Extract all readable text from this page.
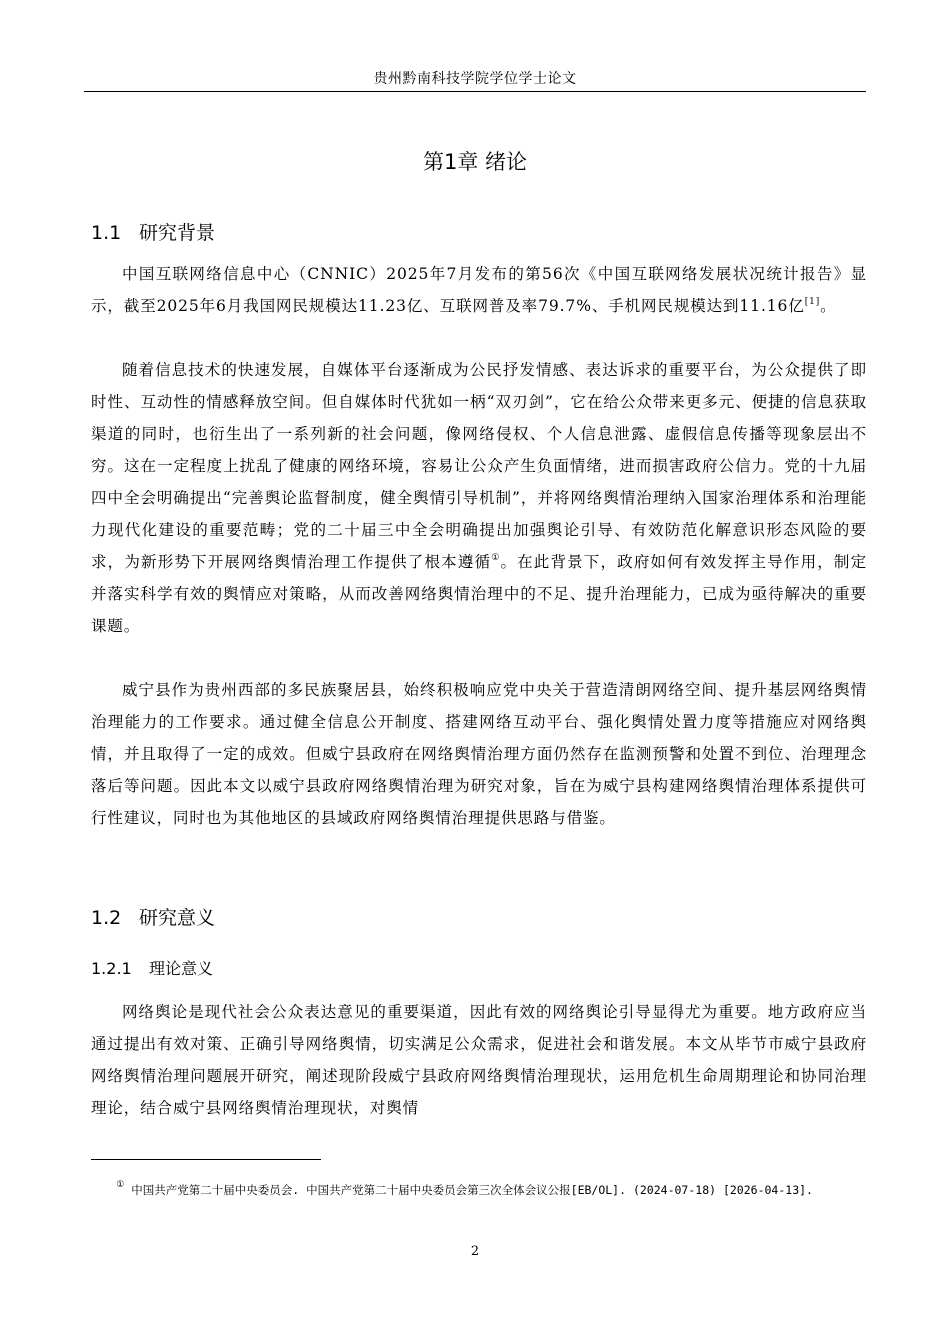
贵州黔南科技学院学位学士论文
第1章 绪论
1.1 研究背景

中国互联网络信息中心（CNNIC）2025年7月发布的第56次《中国互联网络发展状况统计报告》显示，截至2025年6月我国网民规模达11.23亿、互联网普及率79.7%、手机网民规模达到11.16亿[1]。

随着信息技术的快速发展，自媒体平台逐渐成为公民抒发情感、表达诉求的重要平台，为公众提供了即时性、互动性的情感释放空间。但自媒体时代犹如一柄“双刃剑”，它在给公众带来更多元、便捷的信息获取渠道的同时，也衍生出了一系列新的社会问题，像网络侵权、个人信息泄露、虚假信息传播等现象层出不穷。这在一定程度上扰乱了健康的网络环境，容易让公众产生负面情绪，进而损害政府公信力。党的十九届四中全会明确提出“完善舆论监督制度，健全舆情引导机制”，并将网络舆情治理纳入国家治理体系和治理能力现代化建设的重要范畴；党的二十届三中全会明确提出加强舆论引导、有效防范化解意识形态风险的要求，为新形势下开展网络舆情治理工作提供了根本遵循①。在此背景下，政府如何有效发挥主导作用，制定并落实科学有效的舆情应对策略，从而改善网络舆情治理中的不足、提升治理能力，已成为亟待解决的重要课题。

威宁县作为贵州西部的多民族聚居县，始终积极响应党中央关于营造清朗网络空间、提升基层网络舆情治理能力的工作要求。通过健全信息公开制度、搭建网络互动平台、强化舆情处置力度等措施应对网络舆情，并且取得了一定的成效。但威宁县政府在网络舆情治理方面仍然存在监测预警和处置不到位、治理理念落后等问题。因此本文以威宁县政府网络舆情治理为研究对象，旨在为威宁县构建网络舆情治理体系提供可行性建议，同时也为其他地区的县域政府网络舆情治理提供思路与借鉴。

1.2 研究意义
1.2.1 理论意义

网络舆论是现代社会公众表达意见的重要渠道，因此有效的网络舆论引导显得尤为重要。地方政府应当通过提出有效对策、正确引导网络舆情，切实满足公众需求，促进社会和谐发展。本文从毕节市威宁县政府网络舆情治理问题展开研究，阐述现阶段威宁县政府网络舆情治理现状，运用危机生命周期理论和协同治理理论，结合威宁县网络舆情治理现状，对舆情

① 中国共产党第二十届中央委员会. 中国共产党第二十届中央委员会第三次全体会议公报[EB/OL]. (2024-07-18) [2026-04-13].
2
